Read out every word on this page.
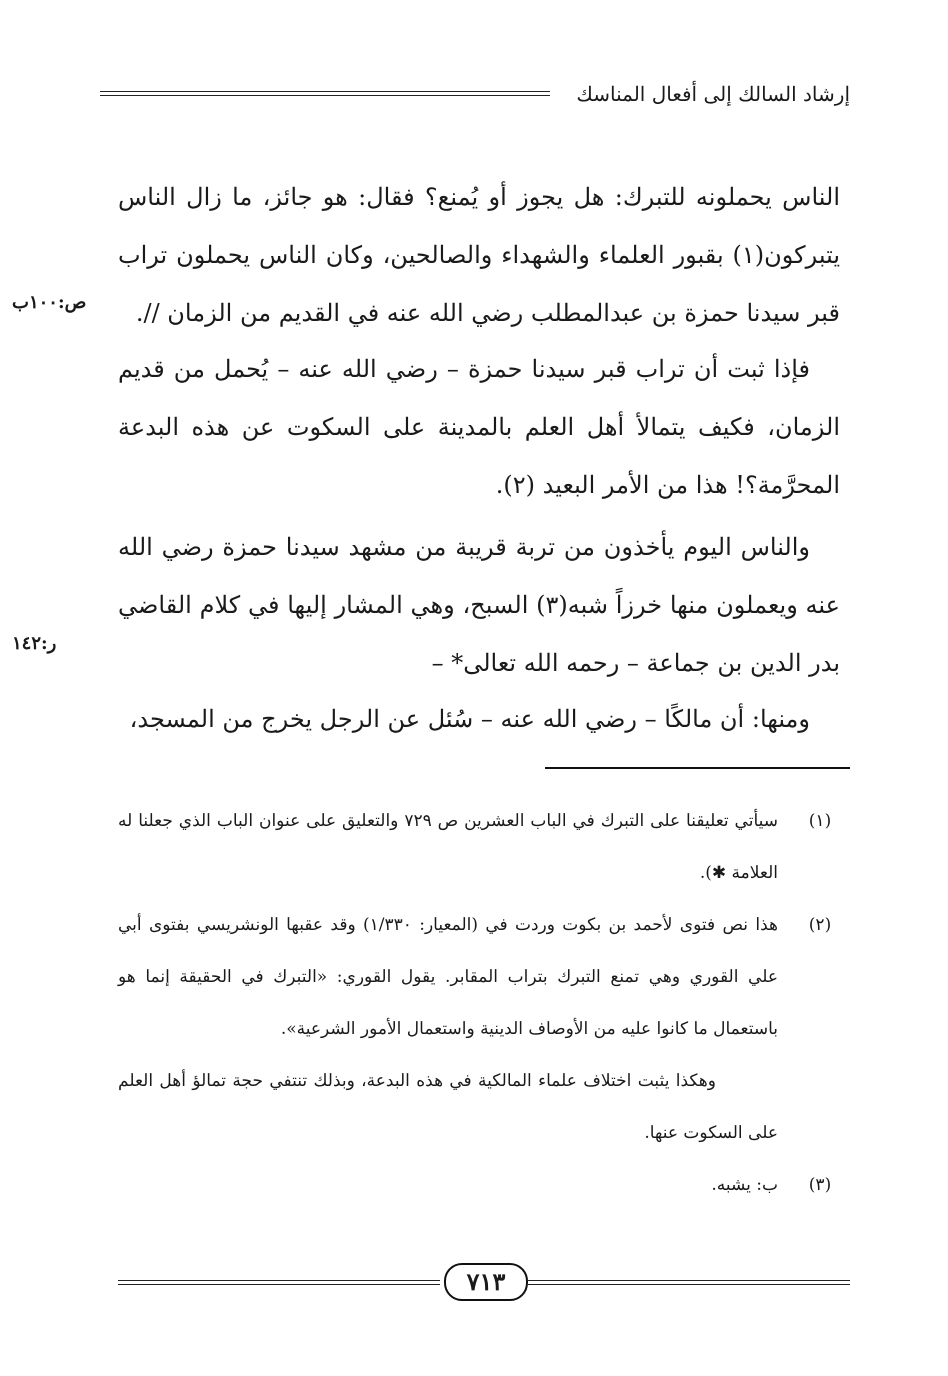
إرشاد السالك إلى أفعال المناسك

الناس يحملونه للتبرك: هل يجوز أو يُمنع؟ فقال: هو جائز، ما زال الناس يتبركون(١) بقبور العلماء والشهداء والصالحين، وكان الناس يحملون تراب قبر سيدنا حمزة بن عبدالمطلب رضي الله عنه في القديم من الزمان //.

فإذا ثبت أن تراب قبر سيدنا حمزة – رضي الله عنه – يُحمل من قديم الزمان، فكيف يتمالأ أهل العلم بالمدينة على السكوت عن هذه البدعة المحرَّمة؟! هذا من الأمر البعيد (٢).

والناس اليوم يأخذون من تربة قريبة من مشهد سيدنا حمزة رضي الله عنه ويعملون منها خرزاً شبه(٣) السبح، وهي المشار إليها في كلام القاضي بدر الدين بن جماعة – رحمه الله تعالى* –

ومنها: أن مالكًا – رضي الله عنه – سُئل عن الرجل يخرج من المسجد،

ص:١٠٠ب
ر:١٤٢
(١)
سيأتي تعليقنا على التبرك في الباب العشرين ص ٧٢٩ والتعليق على عنوان الباب الذي جعلنا له العلامة ✱).
(٢)
هذا نص فتوى لأحمد بن بكوت وردت في (المعيار: ١/٣٣٠) وقد عقبها الونشريسي بفتوى أبي علي القوري وهي تمنع التبرك بتراب المقابر. يقول القوري: «التبرك في الحقيقة إنما هو باستعمال ما كانوا عليه من الأوصاف الدينية واستعمال الأمور الشرعية».
وهكذا يثبت اختلاف علماء المالكية في هذه البدعة، وبذلك تنتفي حجة تمالؤ أهل العلم على السكوت عنها.
(٣)
ب: يشبه.
٧١٣
